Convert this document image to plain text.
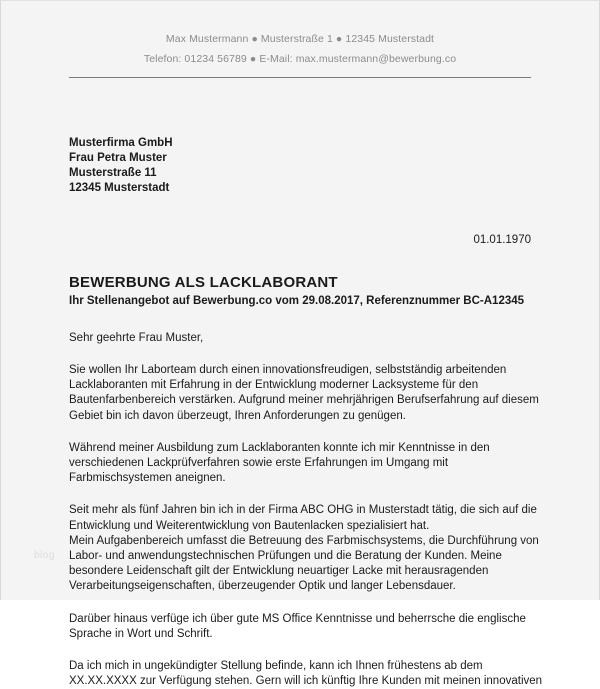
Max Mustermann ● Musterstraße 1 ● 12345 Musterstadt
Telefon: 01234 56789 ● E-Mail: max.mustermann@bewerbung.co
Musterfirma GmbH
Frau Petra Muster
Musterstraße 11
12345 Musterstadt
01.01.1970
BEWERBUNG ALS LACKLABORANT
Ihr Stellenangebot auf Bewerbung.co vom 29.08.2017, Referenznummer BC-A12345
Sehr geehrte Frau Muster,
Sie wollen Ihr Laborteam durch einen innovationsfreudigen, selbstständig arbeitenden
Lacklaboranten mit Erfahrung in der Entwicklung moderner Lacksysteme für den
Bautenfarbenbereich verstärken. Aufgrund meiner mehrjährigen Berufserfahrung auf diesem
Gebiet bin ich davon überzeugt, Ihren Anforderungen zu genügen.
Während meiner Ausbildung zum Lacklaboranten konnte ich mir Kenntnisse in den
verschiedenen Lackprüfverfahren sowie erste Erfahrungen im Umgang mit
Farbmischsystemen aneignen.
Seit mehr als fünf Jahren bin ich in der Firma ABC OHG in Musterstadt tätig, die sich auf die
Entwicklung und Weiterentwicklung von Bautenlacken spezialisiert hat.
Mein Aufgabenbereich umfasst die Betreuung des Farbmischsystems, die Durchführung von
Labor- und anwendungstechnischen Prüfungen und die Beratung der Kunden. Meine
besondere Leidenschaft gilt der Entwicklung neuartiger Lacke mit herausragenden
Verarbeitungseigenschaften, überzeugender Optik und langer Lebensdauer.
Darüber hinaus verfüge ich über gute MS Office Kenntnisse und beherrsche die englische
Sprache in Wort und Schrift.
Da ich mich in ungekündigter Stellung befinde, kann ich Ihnen frühestens ab dem
XX.XX.XXXX zur Verfügung stehen. Gern will ich künftig Ihre Kunden mit meinen innovativen
blog
